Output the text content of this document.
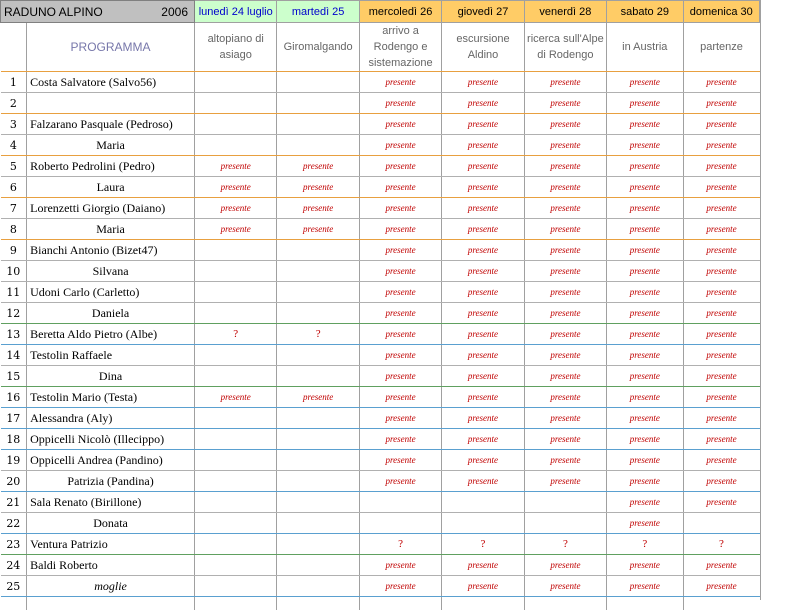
RADUNO ALPINO 2006		lunedì 24 luglio	martedì 25	mercoledì 26	giovedì 27	venerdì 28	sabato 29	domenica 30
	PROGRAMMA	altopiano di asiago	Giromalgando	arrivo a Rodengo e sistemazione	escursione Aldino	ricerca sull'Alpe di Rodengo	in Austria	partenze
1	Costa Salvatore (Salvo56)			presente	presente	presente	presente	presente
2				presente	presente	presente	presente	presente
3	Falzarano Pasquale (Pedroso)			presente	presente	presente	presente	presente
4	Maria			presente	presente	presente	presente	presente
5	Roberto Pedrolini (Pedro)	presente	presente	presente	presente	presente	presente	presente
6	Laura	presente	presente	presente	presente	presente	presente	presente
7	Lorenzetti Giorgio (Daiano)	presente	presente	presente	presente	presente	presente	presente
8	Maria	presente	presente	presente	presente	presente	presente	presente
9	Bianchi Antonio (Bizet47)			presente	presente	presente	presente	presente
10	Silvana			presente	presente	presente	presente	presente
11	Udoni Carlo (Carletto)			presente	presente	presente	presente	presente
12	Daniela			presente	presente	presente	presente	presente
13	Beretta Aldo Pietro (Albe)	?	?	presente	presente	presente	presente	presente
14	Testolin Raffaele			presente	presente	presente	presente	presente
15	Dina			presente	presente	presente	presente	presente
16	Testolin Mario (Testa)	presente	presente	presente	presente	presente	presente	presente
17	Alessandra (Aly)			presente	presente	presente	presente	presente
18	Oppicelli Nicolò (Illecippo)			presente	presente	presente	presente	presente
19	Oppicelli Andrea (Pandino)			presente	presente	presente	presente	presente
20	Patrizia (Pandina)			presente	presente	presente	presente	presente
21	Sala Renato (Birillone)						presente	presente
22	Donata						presente	
23	Ventura Patrizio			?	?	?	?	?
24	Baldi Roberto			presente	presente	presente	presente	presente
25	moglie			presente	presente	presente	presente	presente
